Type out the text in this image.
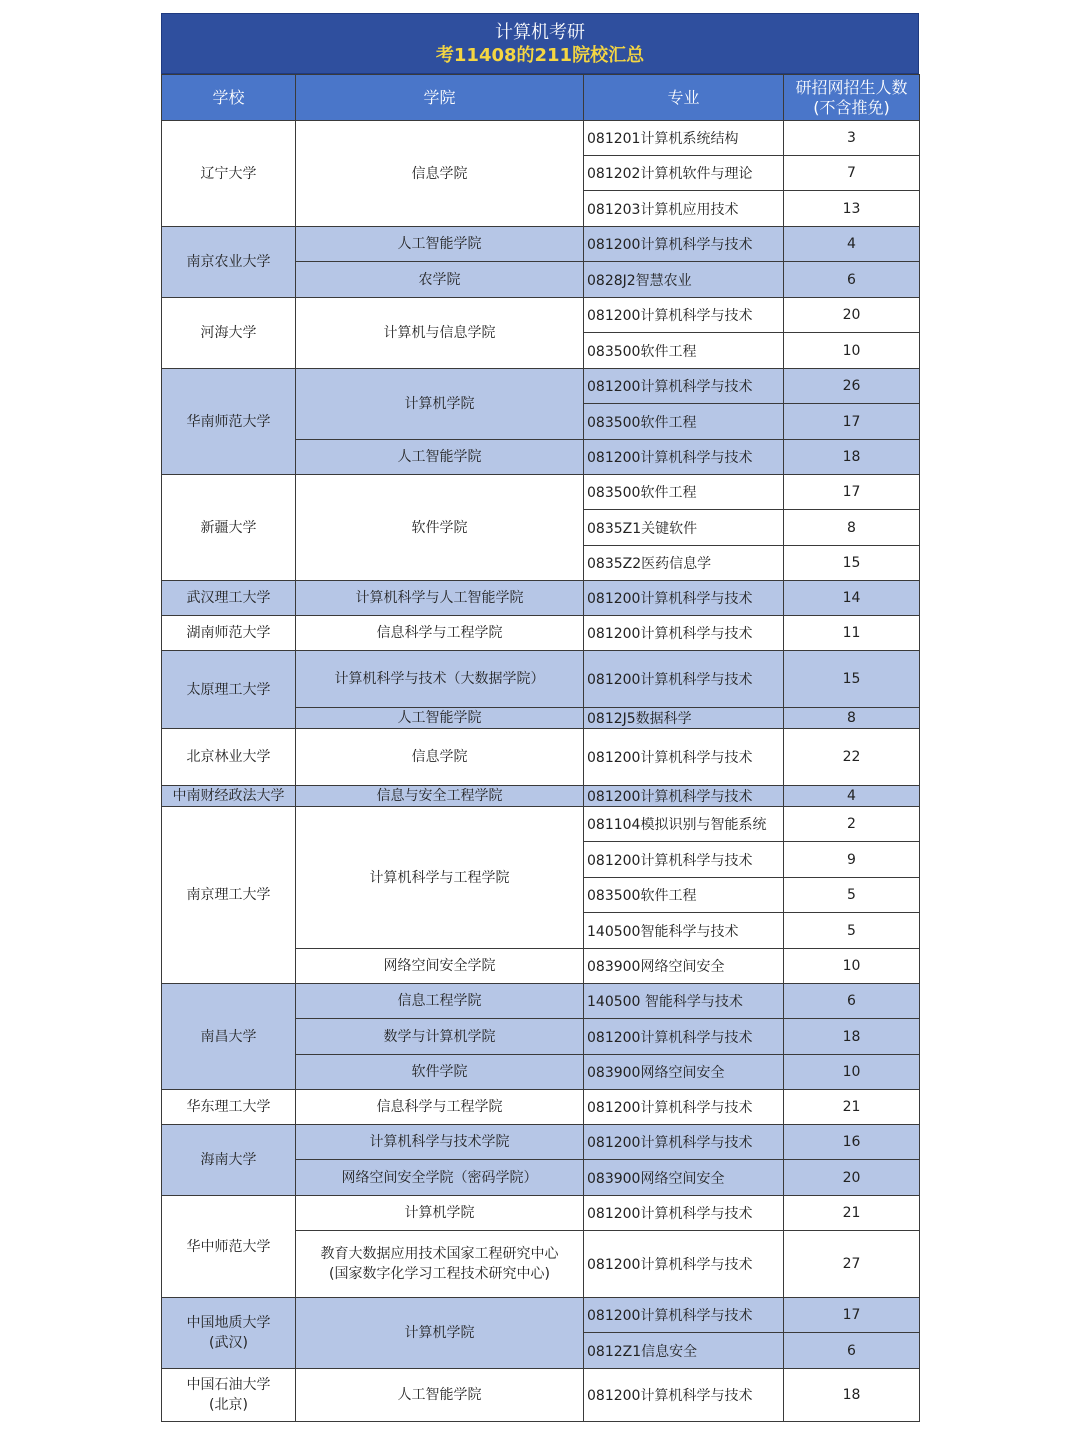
计算机考研
考11408的211院校汇总
学校	学院	专业	研招网招生人数
(不含推免)

辽宁大学	信息学院	081201计算机系统结构	3
		081202计算机软件与理论	7
		081203计算机应用技术	13
南京农业大学	人工智能学院	081200计算机科学与技术	4
	农学院	0828J2智慧农业	6
河海大学	计算机与信息学院	081200计算机科学与技术	20
		083500软件工程	10
华南师范大学	计算机学院	081200计算机科学与技术	26
		083500软件工程	17
	人工智能学院	081200计算机科学与技术	18
新疆大学	软件学院	083500软件工程	17
		0835Z1关键软件	8
		0835Z2医药信息学	15
武汉理工大学	计算机科学与人工智能学院	081200计算机科学与技术	14
湖南师范大学	信息科学与工程学院	081200计算机科学与技术	11
太原理工大学	计算机科学与技术（大数据学院）	081200计算机科学与技术	15
	人工智能学院	0812J5数据科学	8
北京林业大学	信息学院	081200计算机科学与技术	22
中南财经政法大学	信息与安全工程学院	081200计算机科学与技术	4
南京理工大学	计算机科学与工程学院	081104模拟识别与智能系统	2
		081200计算机科学与技术	9
		083500软件工程	5
		140500智能科学与技术	5
	网络空间安全学院	083900网络空间安全	10
南昌大学	信息工程学院	140500 智能科学与技术	6
	数学与计算机学院	081200计算机科学与技术	18
	软件学院	083900网络空间安全	10
华东理工大学	信息科学与工程学院	081200计算机科学与技术	21
海南大学	计算机科学与技术学院	081200计算机科学与技术	16
	网络空间安全学院（密码学院）	083900网络空间安全	20
华中师范大学	计算机学院	081200计算机科学与技术	21
	教育大数据应用技术国家工程研究中心
(国家数字化学习工程技术研究中心)	081200计算机科学与技术	27
中国地质大学
(武汉)	计算机学院	081200计算机科学与技术	17
		0812Z1信息安全	6
中国石油大学
(北京)	人工智能学院	081200计算机科学与技术	18
